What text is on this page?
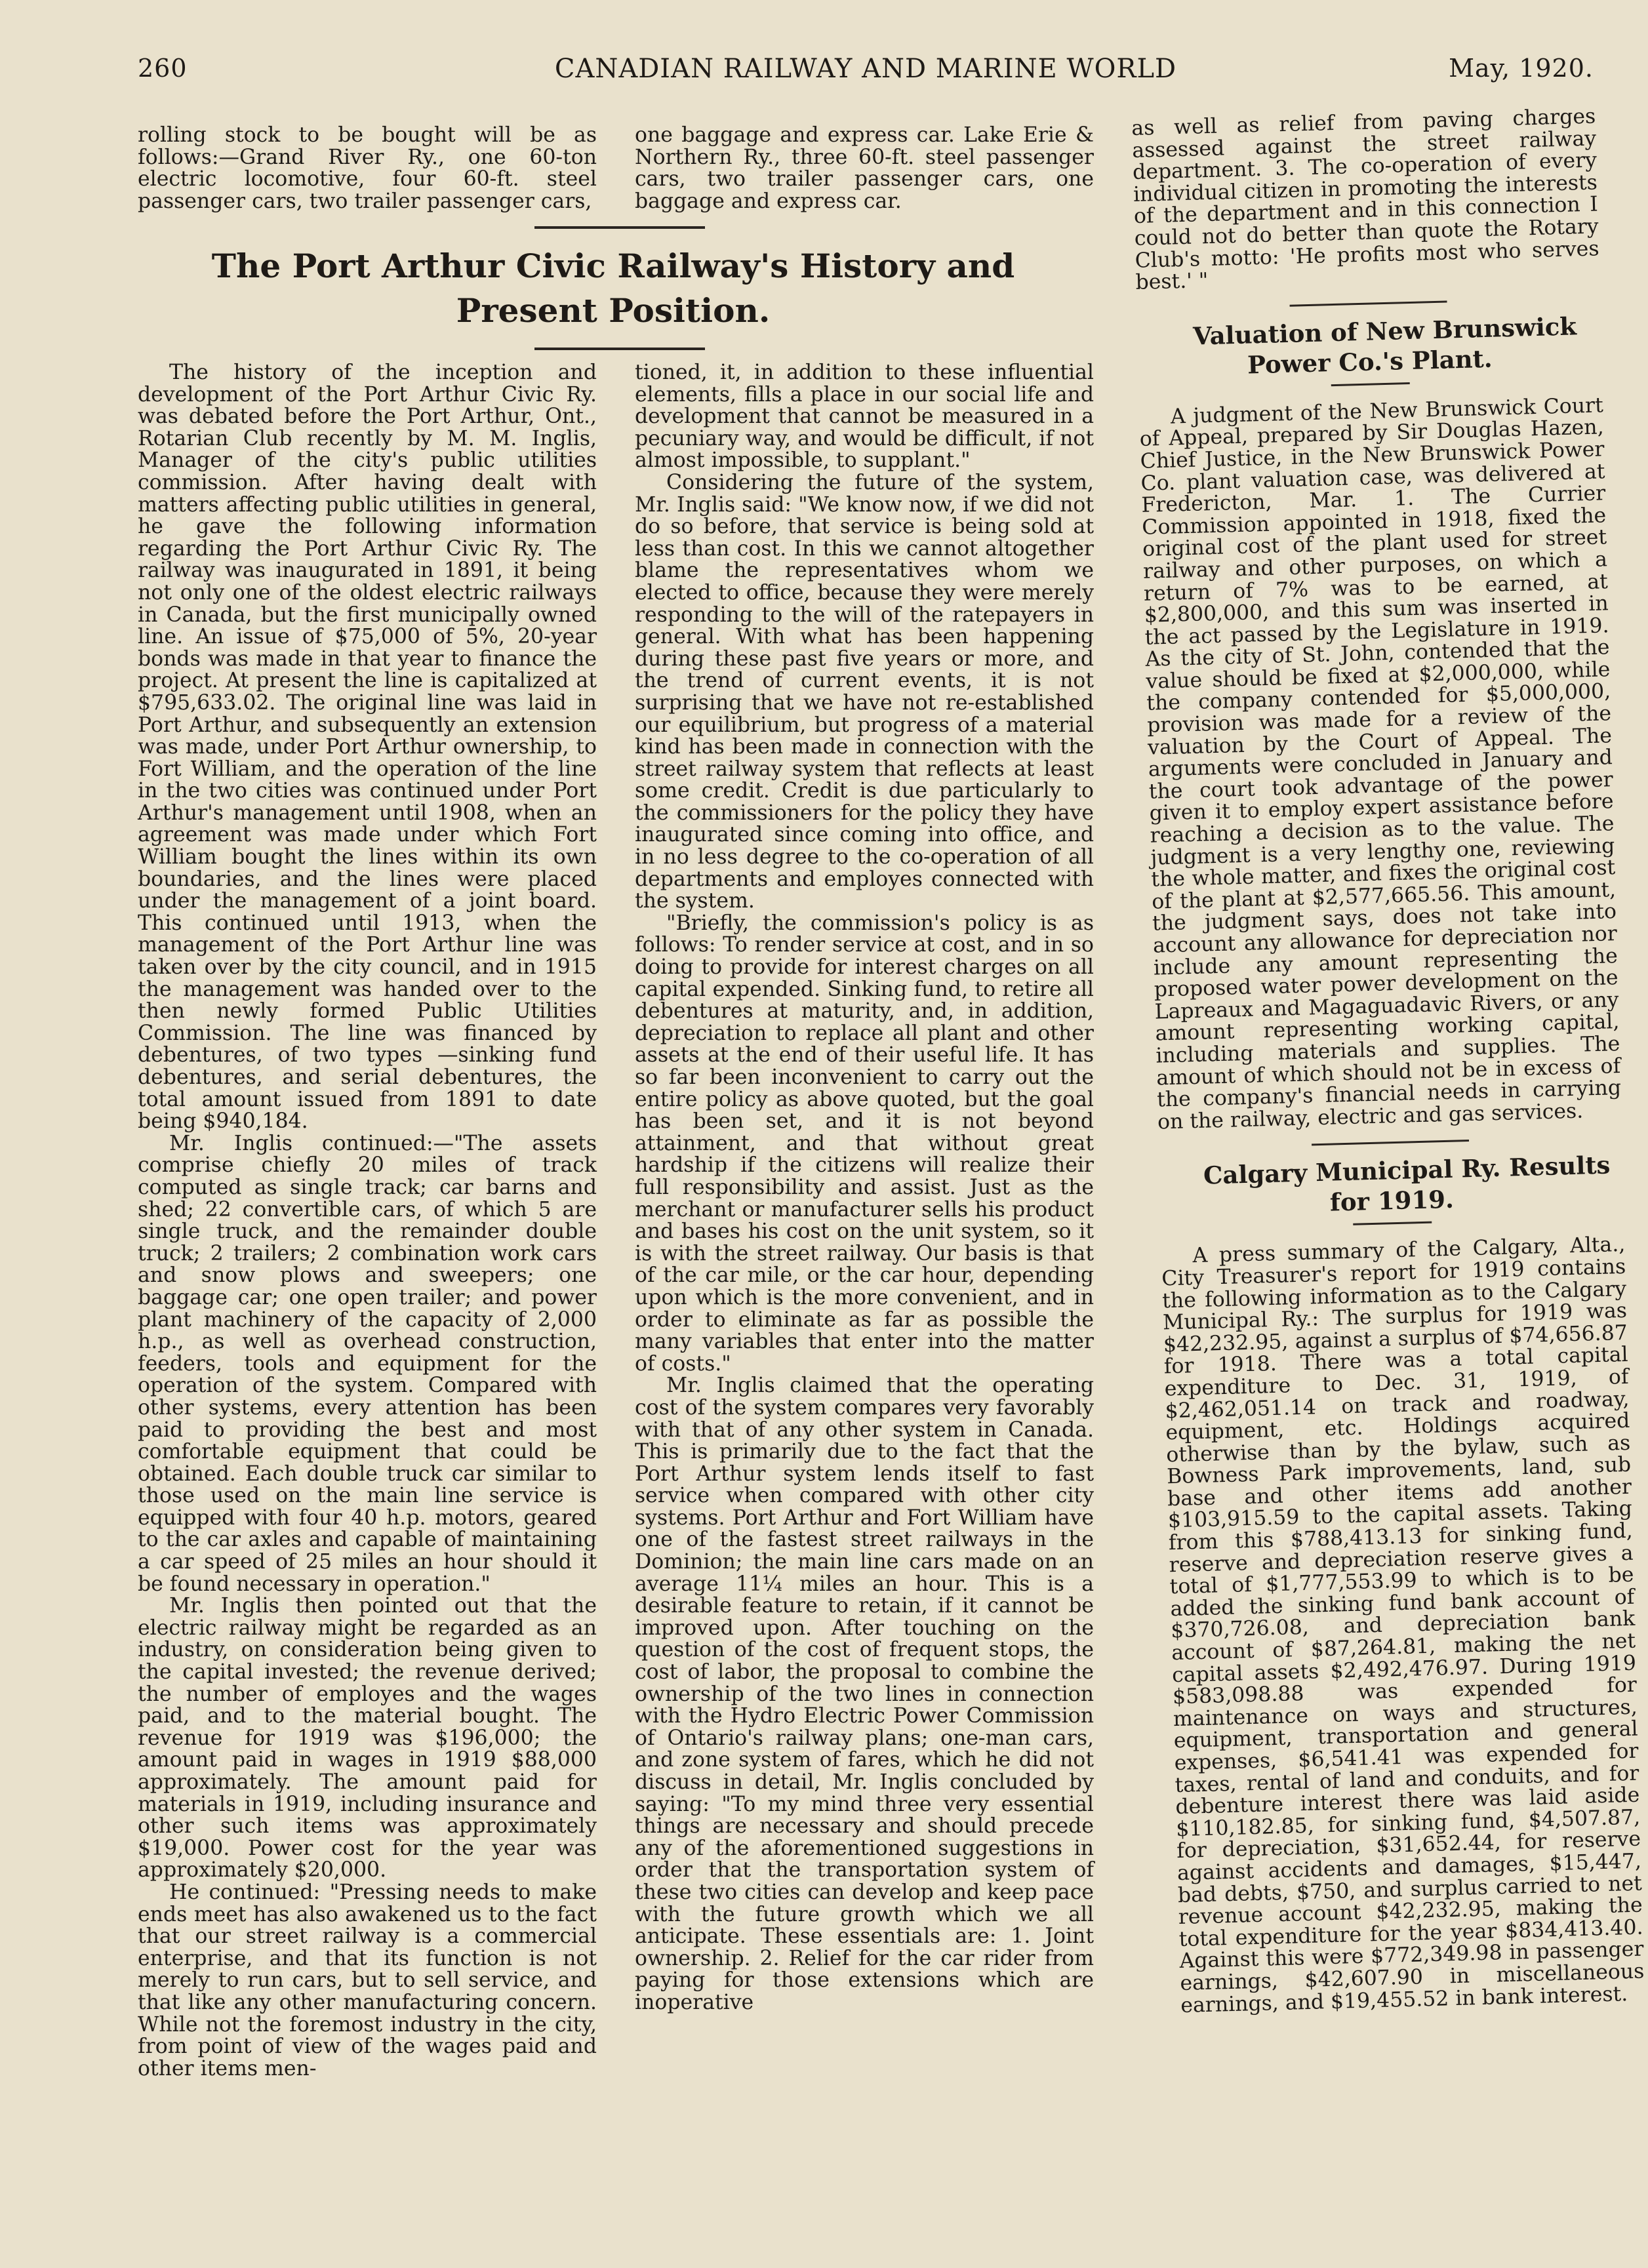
260	CANADIAN RAILWAY AND MARINE WORLD	May, 1920.

rolling stock to be bought will be as follows:—Grand River Ry., one 60-ton electric locomotive, four 60-ft. steel passenger cars, two trailer passenger cars,

one baggage and express car. Lake Erie & Northern Ry., three 60-ft. steel passenger cars, two trailer passenger cars, one baggage and express car.

The Port Arthur Civic Railway's History and Present Position.

The history of the inception and development of the Port Arthur Civic Ry. was debated before the Port Arthur, Ont., Rotarian Club recently by M. M. Inglis, Manager of the city's public utilities commission. After having dealt with matters affecting public utilities in general, he gave the following information regarding the Port Arthur Civic Ry. The railway was inaugurated in 1891, it being not only one of the oldest electric railways in Canada, but the first municipally owned line. An issue of $75,000 of 5%, 20-year bonds was made in that year to finance the project. At present the line is capitalized at $795,633.02. The original line was laid in Port Arthur, and subsequently an extension was made, under Port Arthur ownership, to Fort William, and the operation of the line in the two cities was continued under Port Arthur's management until 1908, when an agreement was made under which Fort William bought the lines within its own boundaries, and the lines were placed under the management of a joint board. This continued until 1913, when the management of the Port Arthur line was taken over by the city council, and in 1915 the management was handed over to the then newly formed Public Utilities Commission. The line was financed by debentures, of two types —sinking fund debentures, and serial debentures, the total amount issued from 1891 to date being $940,184.

Mr. Inglis continued:—"The assets comprise chiefly 20 miles of track computed as single track; car barns and shed; 22 convertible cars, of which 5 are single truck, and the remainder double truck; 2 trailers; 2 combination work cars and snow plows and sweepers; one baggage car; one open trailer; and power plant machinery of the capacity of 2,000 h.p., as well as overhead construction, feeders, tools and equipment for the operation of the system. Compared with other systems, every attention has been paid to providing the best and most comfortable equipment that could be obtained. Each double truck car similar to those used on the main line service is equipped with four 40 h.p. motors, geared to the car axles and capable of maintaining a car speed of 25 miles an hour should it be found necessary in operation."

Mr. Inglis then pointed out that the electric railway might be regarded as an industry, on consideration being given to the capital invested; the revenue derived; the number of employes and the wages paid, and to the material bought. The revenue for 1919 was $196,000; the amount paid in wages in 1919 $88,000 approximately. The amount paid for materials in 1919, including insurance and other such items was approximately $19,000. Power cost for the year was approximately $20,000.

He continued: "Pressing needs to make ends meet has also awakened us to the fact that our street railway is a commercial enterprise, and that its function is not merely to run cars, but to sell service, and that like any other manufacturing concern. While not the foremost industry in the city, from point of view of the wages paid and other items men-

tioned, it, in addition to these influential elements, fills a place in our social life and development that cannot be measured in a pecuniary way, and would be difficult, if not almost impossible, to supplant."

Considering the future of the system, Mr. Inglis said: "We know now, if we did not do so before, that service is being sold at less than cost. In this we cannot altogether blame the representatives whom we elected to office, because they were merely responding to the will of the ratepayers in general. With what has been happening during these past five years or more, and the trend of current events, it is not surprising that we have not re-established our equilibrium, but progress of a material kind has been made in connection with the street railway system that reflects at least some credit. Credit is due particularly to the commissioners for the policy they have inaugurated since coming into office, and in no less degree to the co-operation of all departments and employes connected with the system.

"Briefly, the commission's policy is as follows: To render service at cost, and in so doing to provide for interest charges on all capital expended. Sinking fund, to retire all debentures at maturity, and, in addition, depreciation to replace all plant and other assets at the end of their useful life. It has so far been inconvenient to carry out the entire policy as above quoted, but the goal has been set, and it is not beyond attainment, and that without great hardship if the citizens will realize their full responsibility and assist. Just as the merchant or manufacturer sells his product and bases his cost on the unit system, so it is with the street railway. Our basis is that of the car mile, or the car hour, depending upon which is the more convenient, and in order to eliminate as far as possible the many variables that enter into the matter of costs."

Mr. Inglis claimed that the operating cost of the system compares very favorably with that of any other system in Canada. This is primarily due to the fact that the Port Arthur system lends itself to fast service when compared with other city systems. Port Arthur and Fort William have one of the fastest street railways in the Dominion; the main line cars made on an average 11¼ miles an hour. This is a desirable feature to retain, if it cannot be improved upon. After touching on the question of the cost of frequent stops, the cost of labor, the proposal to combine the ownership of the two lines in connection with the Hydro Electric Power Commission of Ontario's railway plans; one-man cars, and zone system of fares, which he did not discuss in detail, Mr. Inglis concluded by saying: "To my mind three very essential things are necessary and should precede any of the aforementioned suggestions in order that the transportation system of these two cities can develop and keep pace with the future growth which we all anticipate. These essentials are: 1. Joint ownership. 2. Relief for the car rider from paying for those extensions which are inoperative

as well as relief from paving charges assessed against the street railway department. 3. The co-operation of every individual citizen in promoting the interests of the department and in this connection I could not do better than quote the Rotary Club's motto: 'He profits most who serves best.' "

Valuation of New Brunswick Power Co.'s Plant.

A judgment of the New Brunswick Court of Appeal, prepared by Sir Douglas Hazen, Chief Justice, in the New Brunswick Power Co. plant valuation case, was delivered at Fredericton, Mar. 1. The Currier Commission appointed in 1918, fixed the original cost of the plant used for street railway and other purposes, on which a return of 7% was to be earned, at $2,800,000, and this sum was inserted in the act passed by the Legislature in 1919. As the city of St. John, contended that the value should be fixed at $2,000,000, while the company contended for $5,000,000, provision was made for a review of the valuation by the Court of Appeal. The arguments were concluded in January and the court took advantage of the power given it to employ expert assistance before reaching a decision as to the value. The judgment is a very lengthy one, reviewing the whole matter, and fixes the original cost of the plant at $2,577,665.56. This amount, the judgment says, does not take into account any allowance for depreciation nor include any amount representing the proposed water power development on the Lapreaux and Magaguadavic Rivers, or any amount representing working capital, including materials and supplies. The amount of which should not be in excess of the company's financial needs in carrying on the railway, electric and gas services.

Calgary Municipal Ry. Results for 1919.

A press summary of the Calgary, Alta., City Treasurer's report for 1919 contains the following information as to the Calgary Municipal Ry.: The surplus for 1919 was $42,232.95, against a surplus of $74,656.87 for 1918. There was a total capital expenditure to Dec. 31, 1919, of $2,462,051.14 on track and roadway, equipment, etc. Holdings acquired otherwise than by the bylaw, such as Bowness Park improvements, land, sub base and other items add another $103,915.59 to the capital assets. Taking from this $788,413.13 for sinking fund, reserve and depreciation reserve gives a total of $1,777,553.99 to which is to be added the sinking fund bank account of $370,726.08, and depreciation bank account of $87,264.81, making the net capital assets $2,492,476.97. During 1919 $583,098.88 was expended for maintenance on ways and structures, equipment, transportation and general expenses, $6,541.41 was expended for taxes, rental of land and conduits, and for debenture interest there was laid aside $110,182.85, for sinking fund, $4,507.87, for depreciation, $31,652.44, for reserve against accidents and damages, $15,447, bad debts, $750, and surplus carried to net revenue account $42,232.95, making the total expenditure for the year $834,413.40. Against this were $772,349.98 in passenger earnings, $42,607.90 in miscellaneous earnings, and $19,455.52 in bank interest.
